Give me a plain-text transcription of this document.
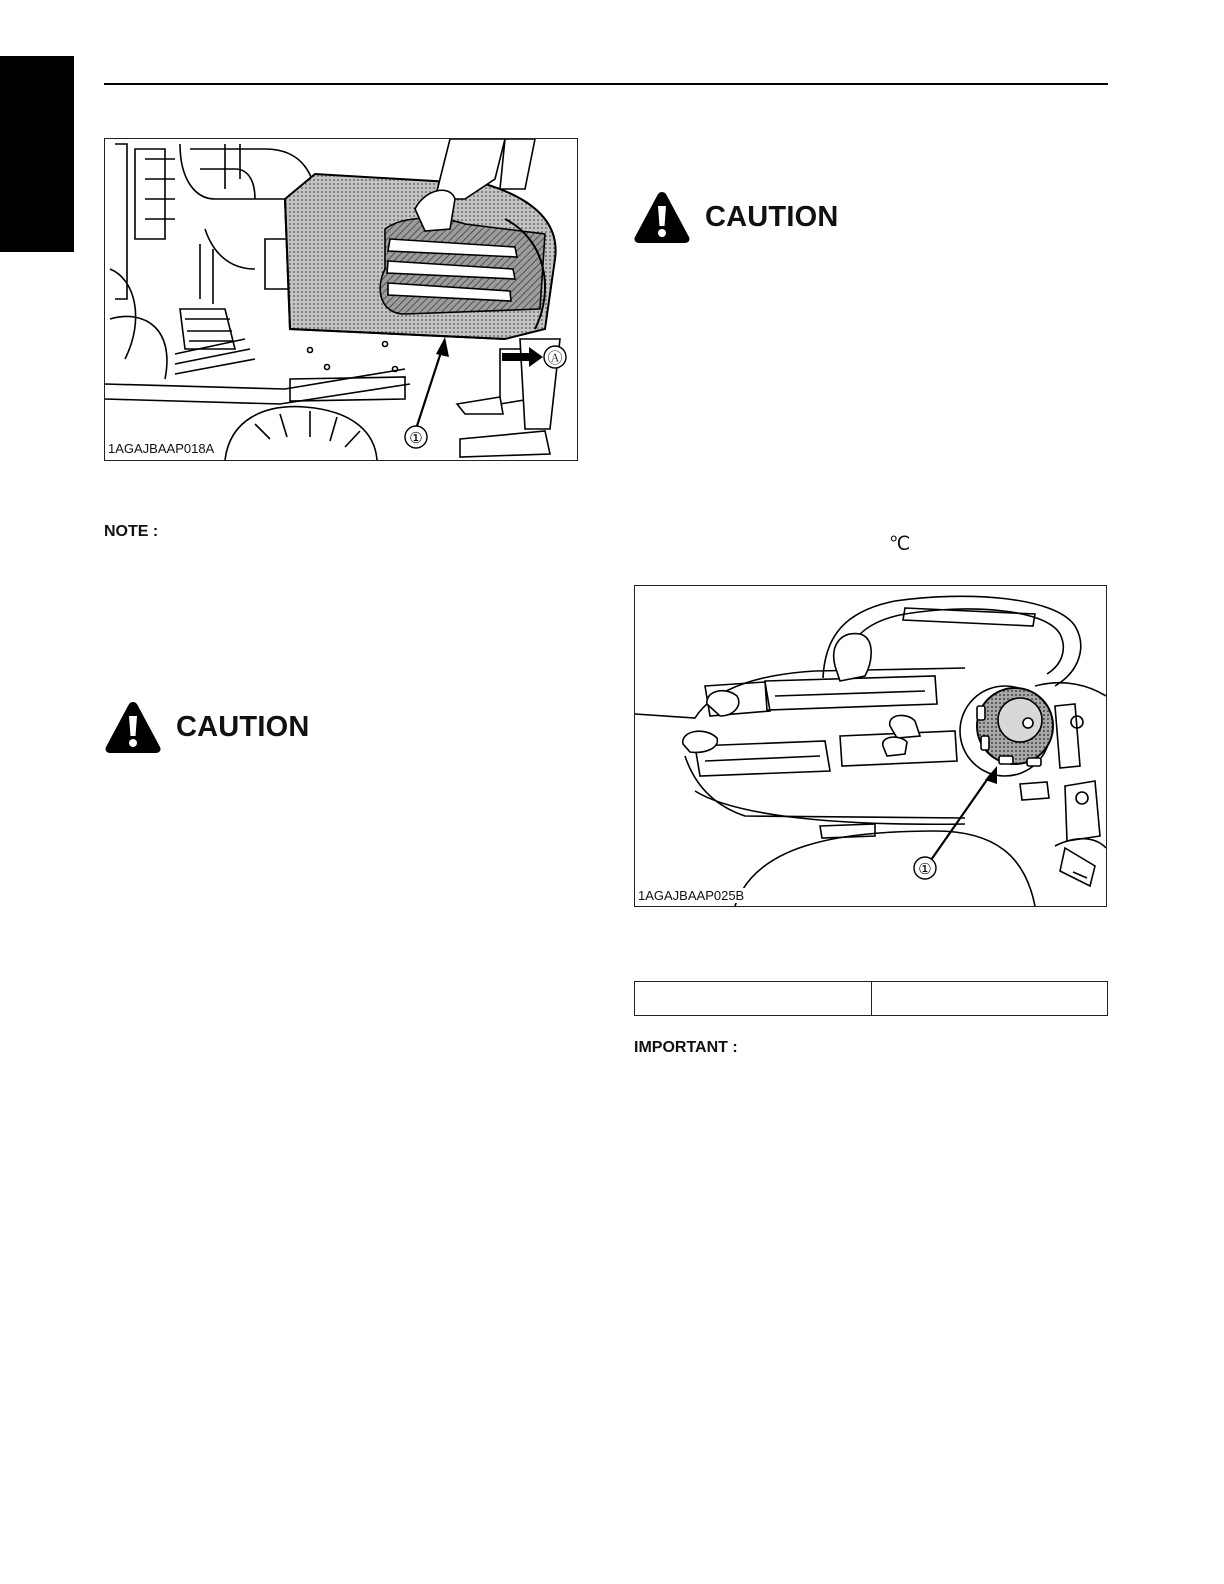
①
Ⓐ
1AGAJBAAP018A
NOTE :
CAUTION
CAUTION
℃
①
1AGAJBAAP025B

IMPORTANT :
